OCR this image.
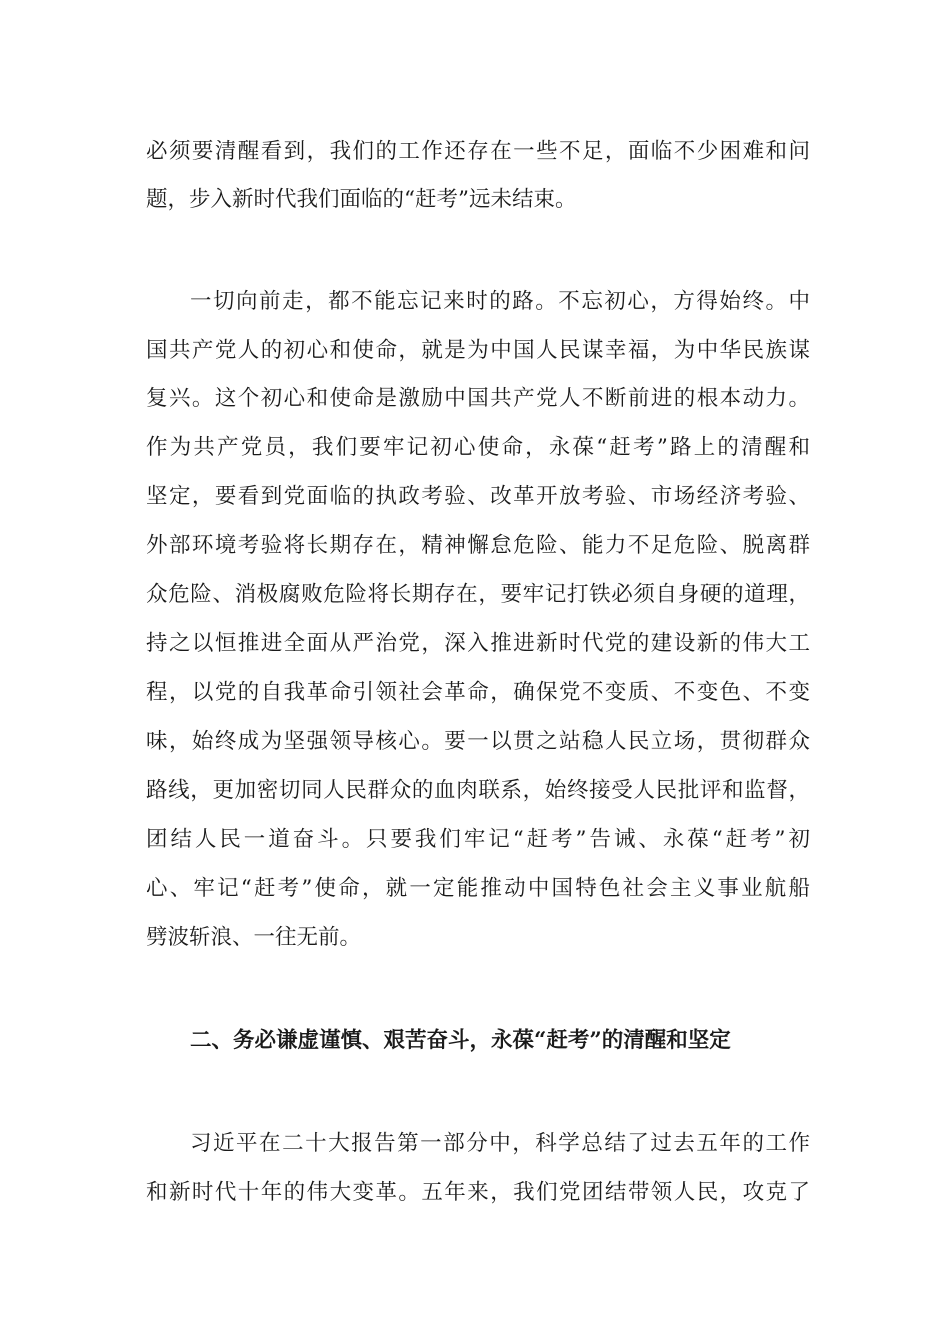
必须要清醒看到，我们的工作还存在一些不足，面临不少困难和问
题，步入新时代我们面临的“赶考”远未结束。
一切向前走，都不能忘记来时的路。不忘初心，方得始终。中
国共产党人的初心和使命，就是为中国人民谋幸福，为中华民族谋
复兴。这个初心和使命是激励中国共产党人不断前进的根本动力。
作为共产党员，我们要牢记初心使命，永葆“赶考”路上的清醒和
坚定，要看到党面临的执政考验、改革开放考验、市场经济考验、
外部环境考验将长期存在，精神懈怠危险、能力不足危险、脱离群
众危险、消极腐败危险将长期存在，要牢记打铁必须自身硬的道理，
持之以恒推进全面从严治党，深入推进新时代党的建设新的伟大工
程，以党的自我革命引领社会革命，确保党不变质、不变色、不变
味，始终成为坚强领导核心。要一以贯之站稳人民立场，贯彻群众
路线，更加密切同人民群众的血肉联系，始终接受人民批评和监督，
团结人民一道奋斗。只要我们牢记“赶考”告诫、永葆“赶考”初
心、牢记“赶考”使命，就一定能推动中国特色社会主义事业航船
劈波斩浪、一往无前。
二、务必谦虚谨慎、艰苦奋斗，永葆“赶考”的清醒和坚定
习近平在二十大报告第一部分中，科学总结了过去五年的工作
和新时代十年的伟大变革。五年来，我们党团结带领人民，攻克了
